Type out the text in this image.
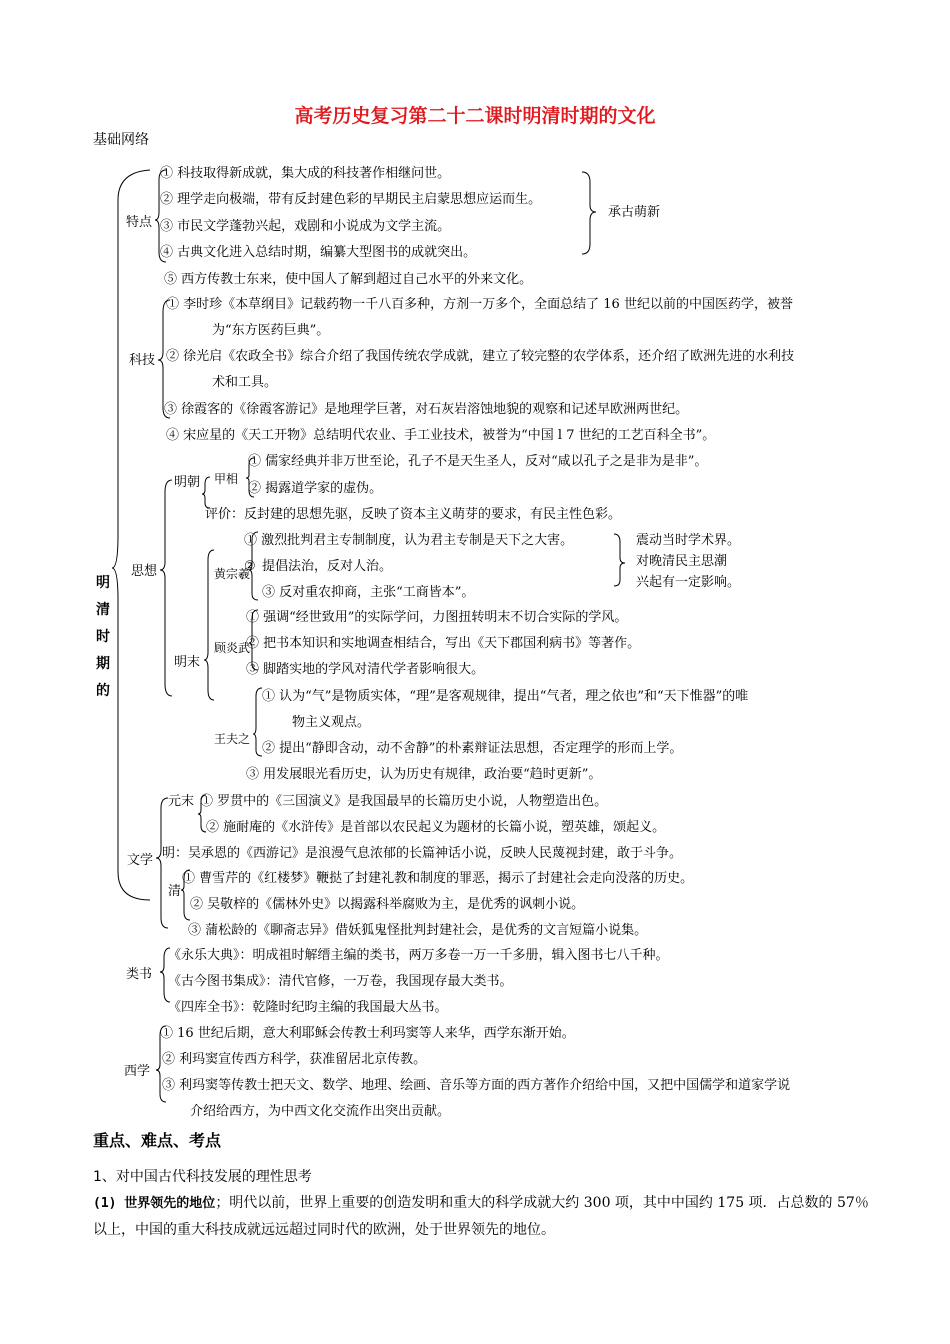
高考历史复习第二十二课时明清时期的文化
基础网络
明
清
时
期
的
特点
① 科技取得新成就，集大成的科技著作相继问世。
② 理学走向极端，带有反封建色彩的早期民主启蒙思想应运而生。
③ 市民文学蓬勃兴起，戏剧和小说成为文学主流。
④ 古典文化进入总结时期，编纂大型图书的成就突出。
⑤ 西方传教士东来，使中国人了解到超过自己水平的外来文化。
承古萌新
科技
① 李时珍《本草纲目》记载药物一千八百多种，方剂一万多个，全面总结了 16 世纪以前的中国医药学，被誉
为“东方医药巨典”。
② 徐光启《农政全书》综合介绍了我国传统农学成就，建立了较完整的农学体系，还介绍了欧洲先进的水利技
术和工具。
③ 徐霞客的《徐霞客游记》是地理学巨著，对石灰岩溶蚀地貌的观察和记述早欧洲两世纪。
④ 宋应星的《天工开物》总结明代农业、手工业技术，被誉为“中国 l 7 世纪的工艺百科全书”。
思想
明朝 甲相
① 儒家经典并非万世至论，孔子不是天生圣人，反对“咸以孔子之是非为是非”。
② 揭露道学家的虚伪。
评价：反封建的思想先驱，反映了资本主义萌芽的要求，有民主性色彩。
黄宗羲
① 激烈批判君主专制制度，认为君主专制是天下之大害。
② 提倡法治，反对人治。
③ 反对重农抑商，主张“工商皆本”。
震动当时学术界。
对晚清民主思潮
兴起有一定影响。
明末
顾炎武
① 强调“经世致用”的实际学问，力图扭转明末不切合实际的学风。
② 把书本知识和实地调查相结合，写出《天下郡国利病书》等著作。
③ 脚踏实地的学风对清代学者影响很大。
王夫之
① 认为“气”是物质实体，“理”是客观规律，提出“气者，理之依也”和“天下惟器”的唯
物主义观点。
② 提出“静即含动，动不舍静”的朴素辩证法思想，否定理学的形而上学。
③ 用发展眼光看历史，认为历史有规律，政治要“趋时更新”。
文学
元末 ① 罗贯中的《三国演义》是我国最早的长篇历史小说，人物塑造出色。
② 施耐庵的《水浒传》是首部以农民起义为题材的长篇小说，塑英雄，颂起义。
明：吴承恩的《西游记》是浪漫气息浓郁的长篇神话小说，反映人民蔑视封建，敢于斗争。
清
① 曹雪芹的《红楼梦》鞭挞了封建礼教和制度的罪恶，揭示了封建社会走向没落的历史。
② 吴敬梓的《儒林外史》以揭露科举腐败为主，是优秀的讽刺小说。
③ 蒲松龄的《聊斋志异》借妖狐鬼怪批判封建社会，是优秀的文言短篇小说集。
类书
《永乐大典》：明成祖时解缙主编的类书，两万多卷一万一千多册，辑入图书七八千种。
《古今图书集成》：清代官修，一万卷，我国现存最大类书。
《四库全书》：乾隆时纪昀主编的我国最大丛书。
西学
① 16 世纪后期，意大利耶稣会传教士利玛窦等人来华，西学东渐开始。
② 利玛窦宣传西方科学，获准留居北京传教。
③ 利玛窦等传教士把天文、数学、地理、绘画、音乐等方面的西方著作介绍给中国，又把中国儒学和道家学说
介绍给西方，为中西文化交流作出突出贡献。
重点、难点、考点
1、对中国古代科技发展的理性思考
(1) 世界领先的地位；明代以前，世界上重要的创造发明和重大的科学成就大约 300 项，其中中国约 175 项．占总数的 57％以上，中国的重大科技成就远远超过同时代的欧洲，处于世界领先的地位。
